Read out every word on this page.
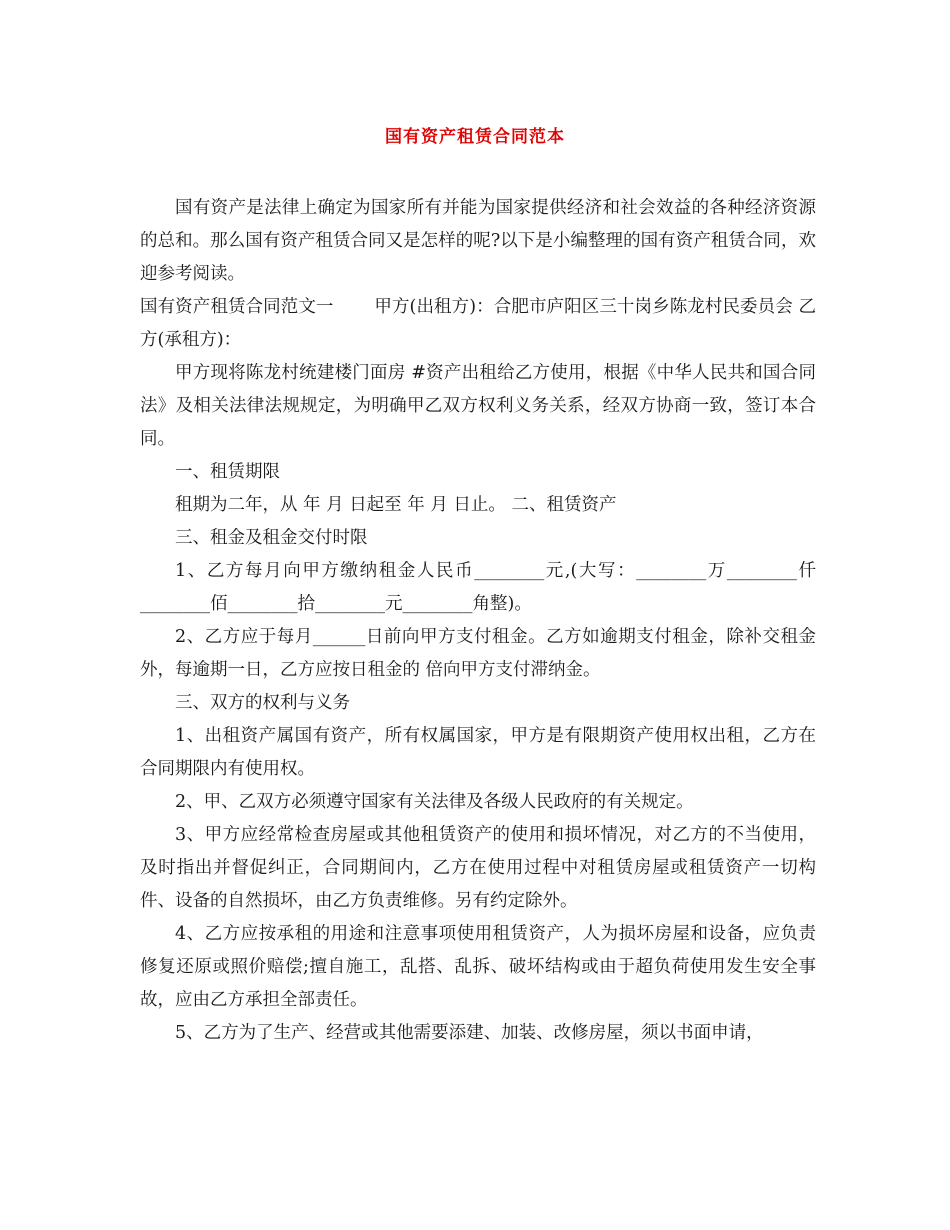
国有资产租赁合同范本

国有资产是法律上确定为国家所有并能为国家提供经济和社会效益的各种经济资源的总和。那么国有资产租赁合同又是怎样的呢?以下是小编整理的国有资产租赁合同，欢迎参考阅读。

国有资产租赁合同范文一　　 甲方(出租方)：合肥市庐阳区三十岗乡陈龙村民委员会 乙方(承租方)：

甲方现将陈龙村统建楼门面房 #资产出租给乙方使用，根据《中华人民共和国合同法》及相关法律法规规定，为明确甲乙双方权利义务关系，经双方协商一致，签订本合同。

一、租赁期限

租期为二年，从 年 月 日起至 年 月 日止。 二、租赁资产

三、租金及租金交付时限

1、乙方每月向甲方缴纳租金人民币________元,(大写：________万________仟________佰________拾________元________角整)。

2、乙方应于每月______日前向甲方支付租金。乙方如逾期支付租金，除补交租金外，每逾期一日，乙方应按日租金的 倍向甲方支付滞纳金。

三、双方的权利与义务

1、出租资产属国有资产，所有权属国家，甲方是有限期资产使用权出租，乙方在合同期限内有使用权。

2、甲、乙双方必须遵守国家有关法律及各级人民政府的有关规定。

3、甲方应经常检查房屋或其他租赁资产的使用和损坏情况，对乙方的不当使用，及时指出并督促纠正，合同期间内，乙方在使用过程中对租赁房屋或租赁资产一切构件、设备的自然损坏，由乙方负责维修。另有约定除外。

4、乙方应按承租的用途和注意事项使用租赁资产，人为损坏房屋和设备，应负责修复还原或照价赔偿;擅自施工，乱搭、乱拆、破坏结构或由于超负荷使用发生安全事故，应由乙方承担全部责任。

5、乙方为了生产、经营或其他需要添建、加装、改修房屋，须以书面申请，
